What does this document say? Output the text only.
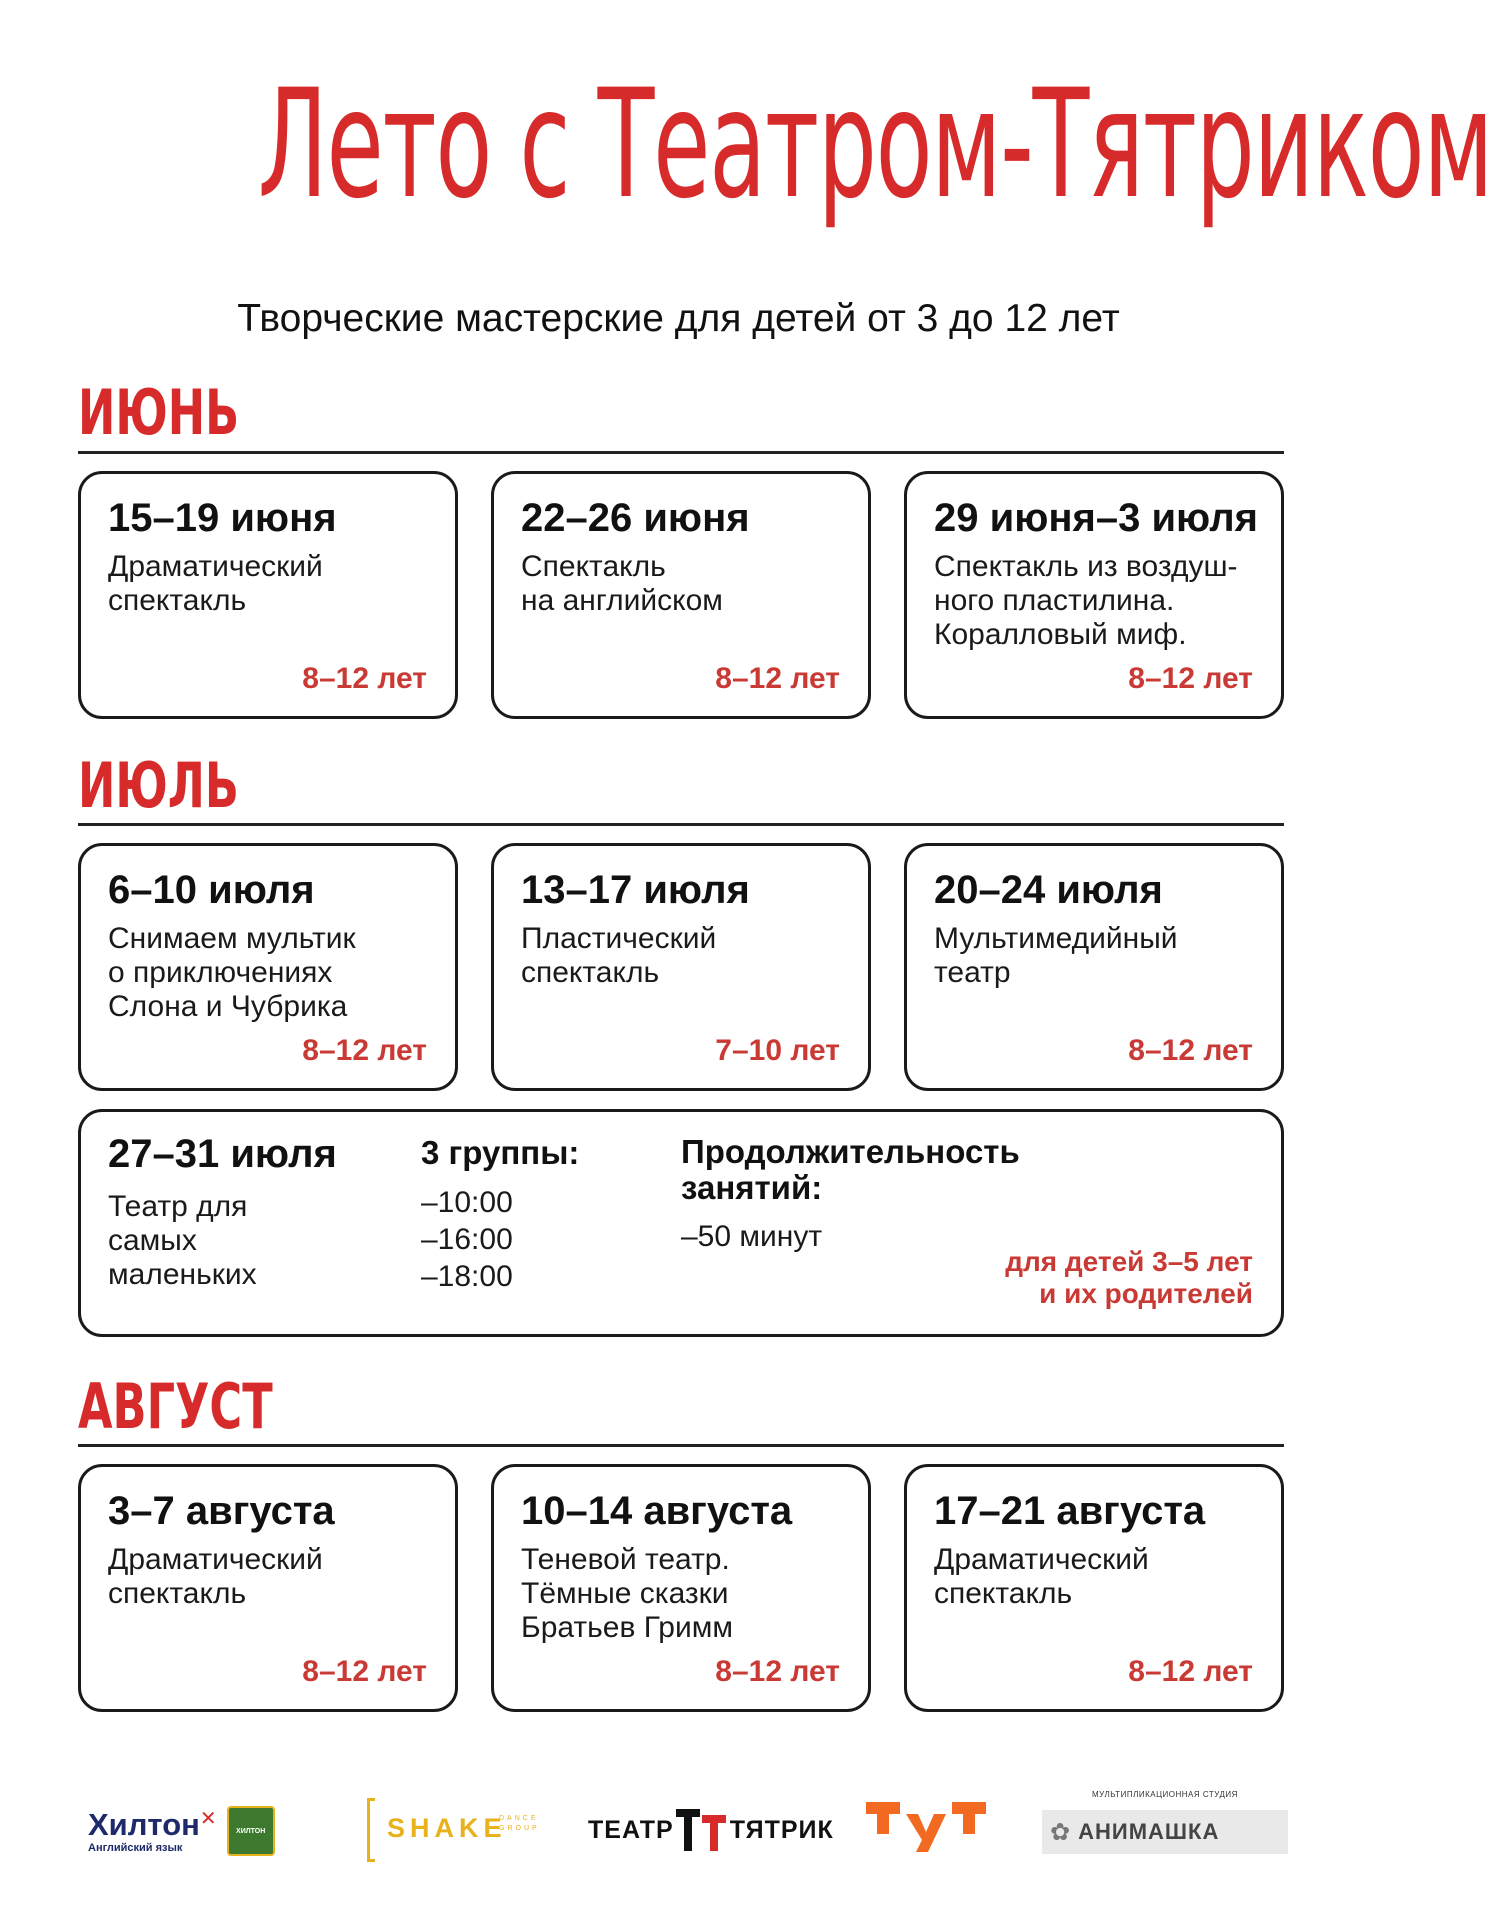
Лето с Театром-Тятриком
Творческие мастерские для детей от 3 до 12 лет
ИЮНЬ
15–19 июня
Драматический
спектакль
8–12 лет
22–26 июня
Спектакль
на английском
8–12 лет
29 июня–3 июля
Спектакль из воздуш-
ного пластилина.
Коралловый миф.
8–12 лет
ИЮЛЬ
6–10 июля
Снимаем мультик
о приключениях
Слона и Чубрика
8–12 лет
13–17 июля
Пластический
спектакль
7–10 лет
20–24 июля
Мультимедийный
театр
8–12 лет
27–31 июля
Театр для
самых
маленьких
3 группы:
–10:00
–16:00
–18:00
Продолжительность
занятий:
–50 минут
для детей 3–5 лет
и их родителей
АВГУСТ
3–7 августа
Драматический
спектакль
8–12 лет
10–14 августа
Теневой театр.
Тёмные сказки
Братьев Гримм
8–12 лет
17–21 августа
Драматический
спектакль
8–12 лет
Хилтон
Английский язык
✕
ХИЛТОН	SHAKE
DANCE
GROUP ТЕАТР ТЯТРИК
МУЛЬТИПЛИКАЦИОННАЯ СТУДИЯ
✿ АНИМАШКА
